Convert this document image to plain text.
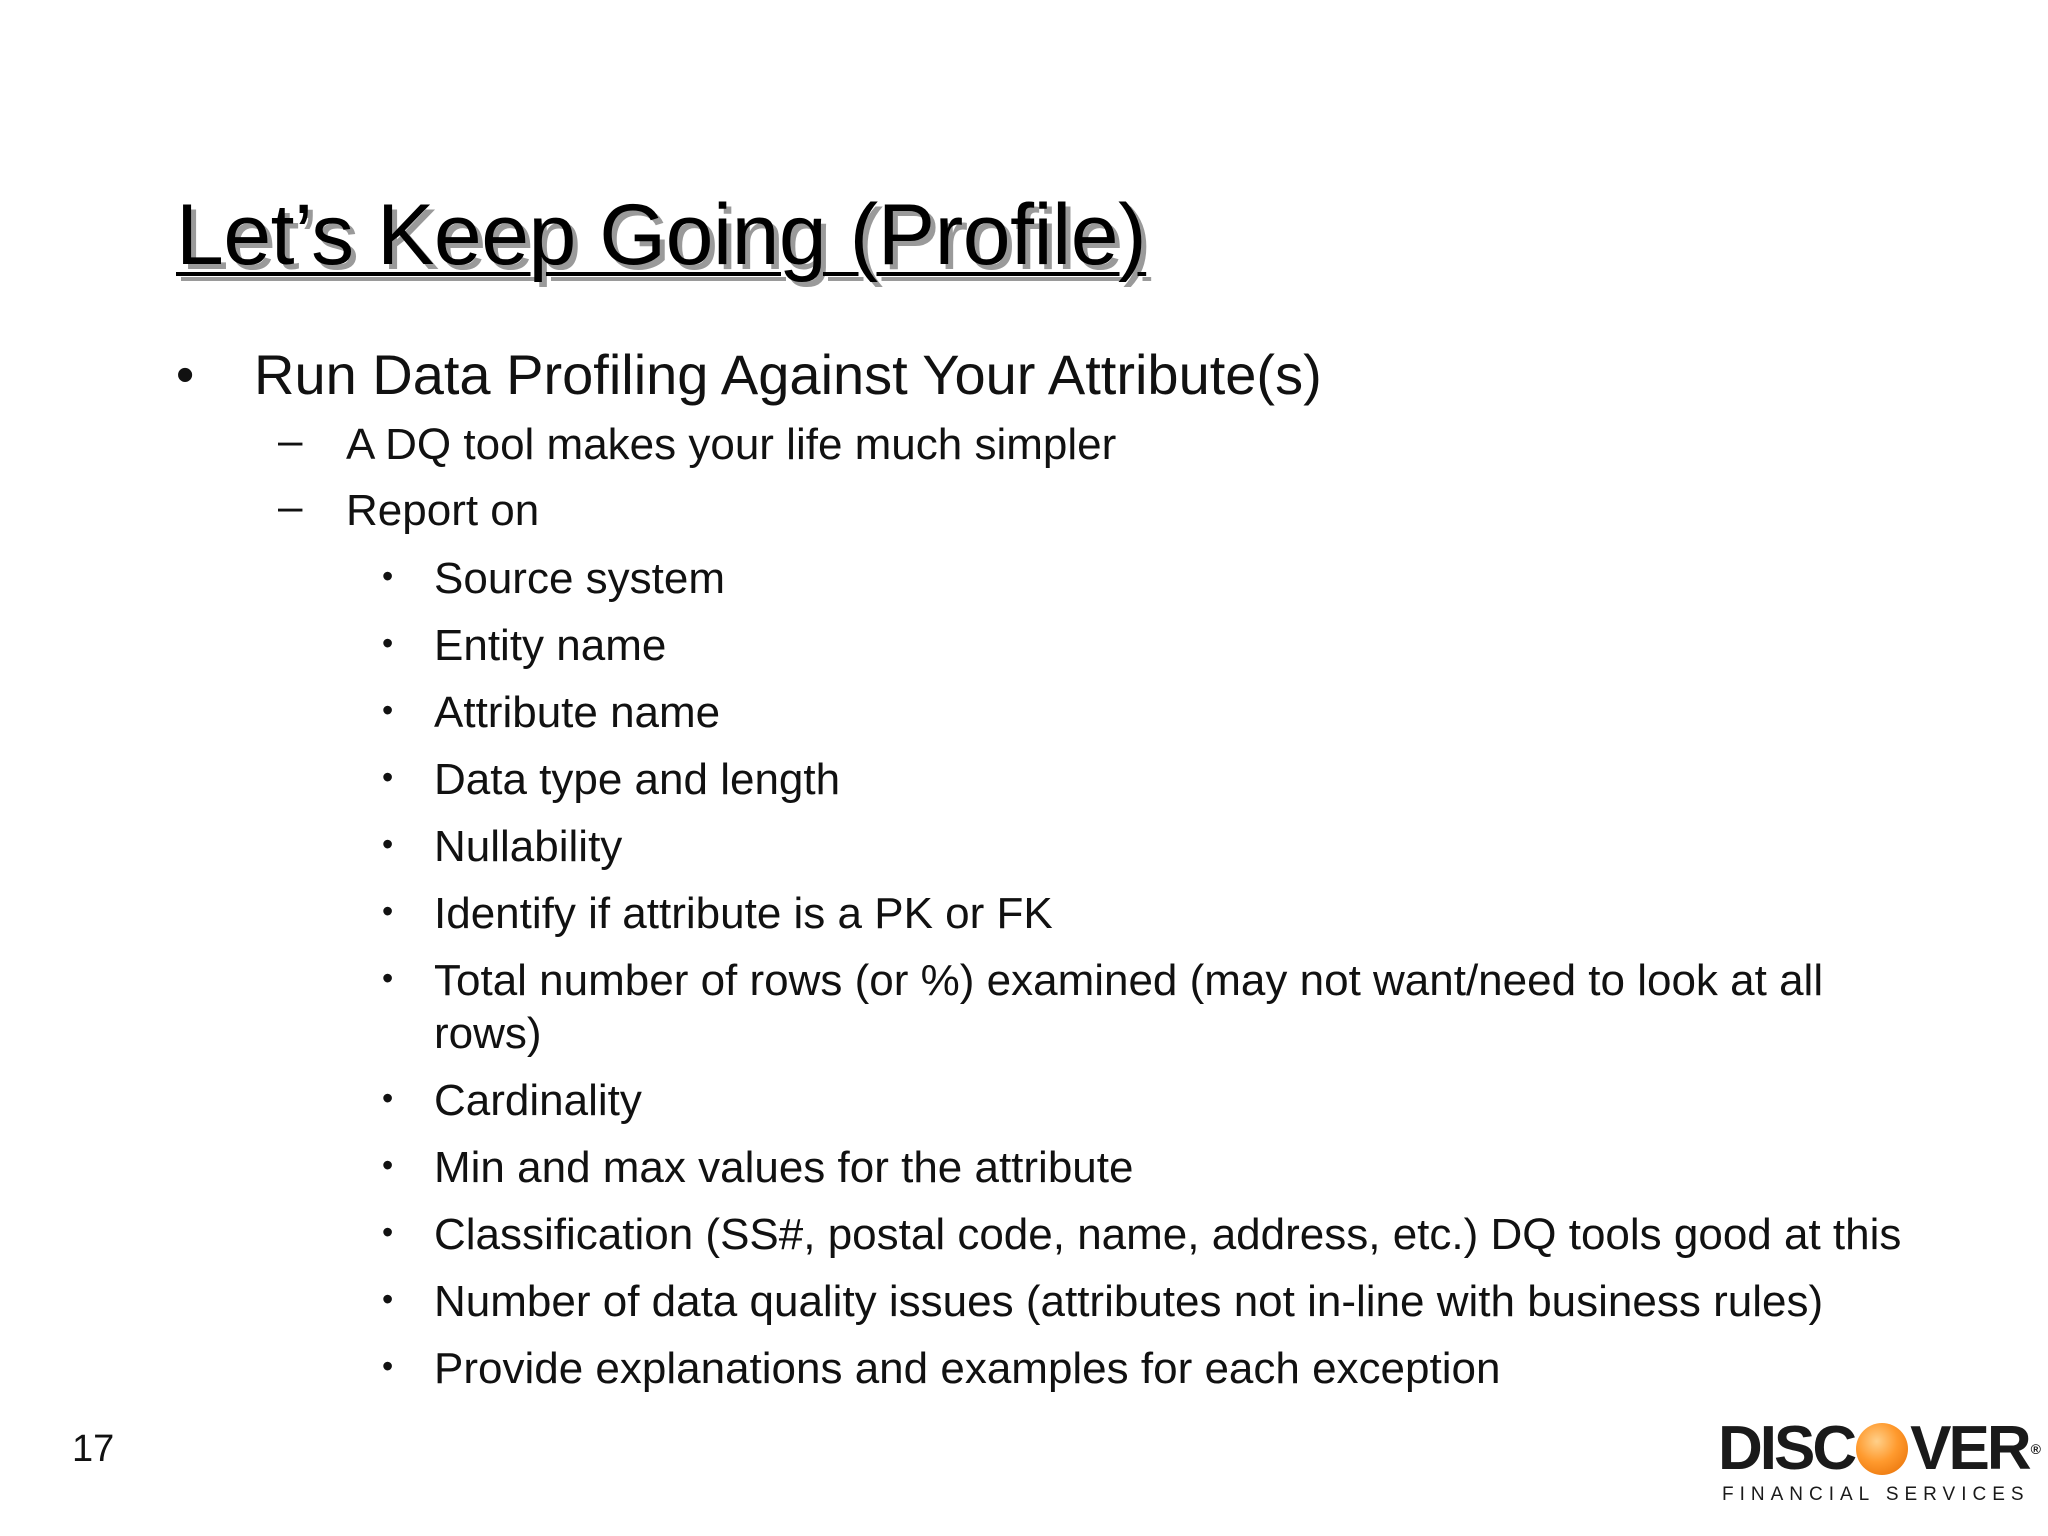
Let’s Keep Going (Profile)
• Run Data Profiling Against Your Attribute(s)
– A DQ tool makes your life much simpler
– Report on
• Source system
• Entity name
• Attribute name
• Data type and length
• Nullability
• Identify if attribute is a PK or FK
• Total number of rows (or %) examined (may not want/need to look at all rows)
• Cardinality
• Min and max values for the attribute
• Classification (SS#, postal code, name, address, etc.) DQ tools good at this
• Number of data quality issues (attributes not in-line with business rules)
• Provide explanations and examples for each exception
17	DISC VER ®
FINANCIAL SERVICES
